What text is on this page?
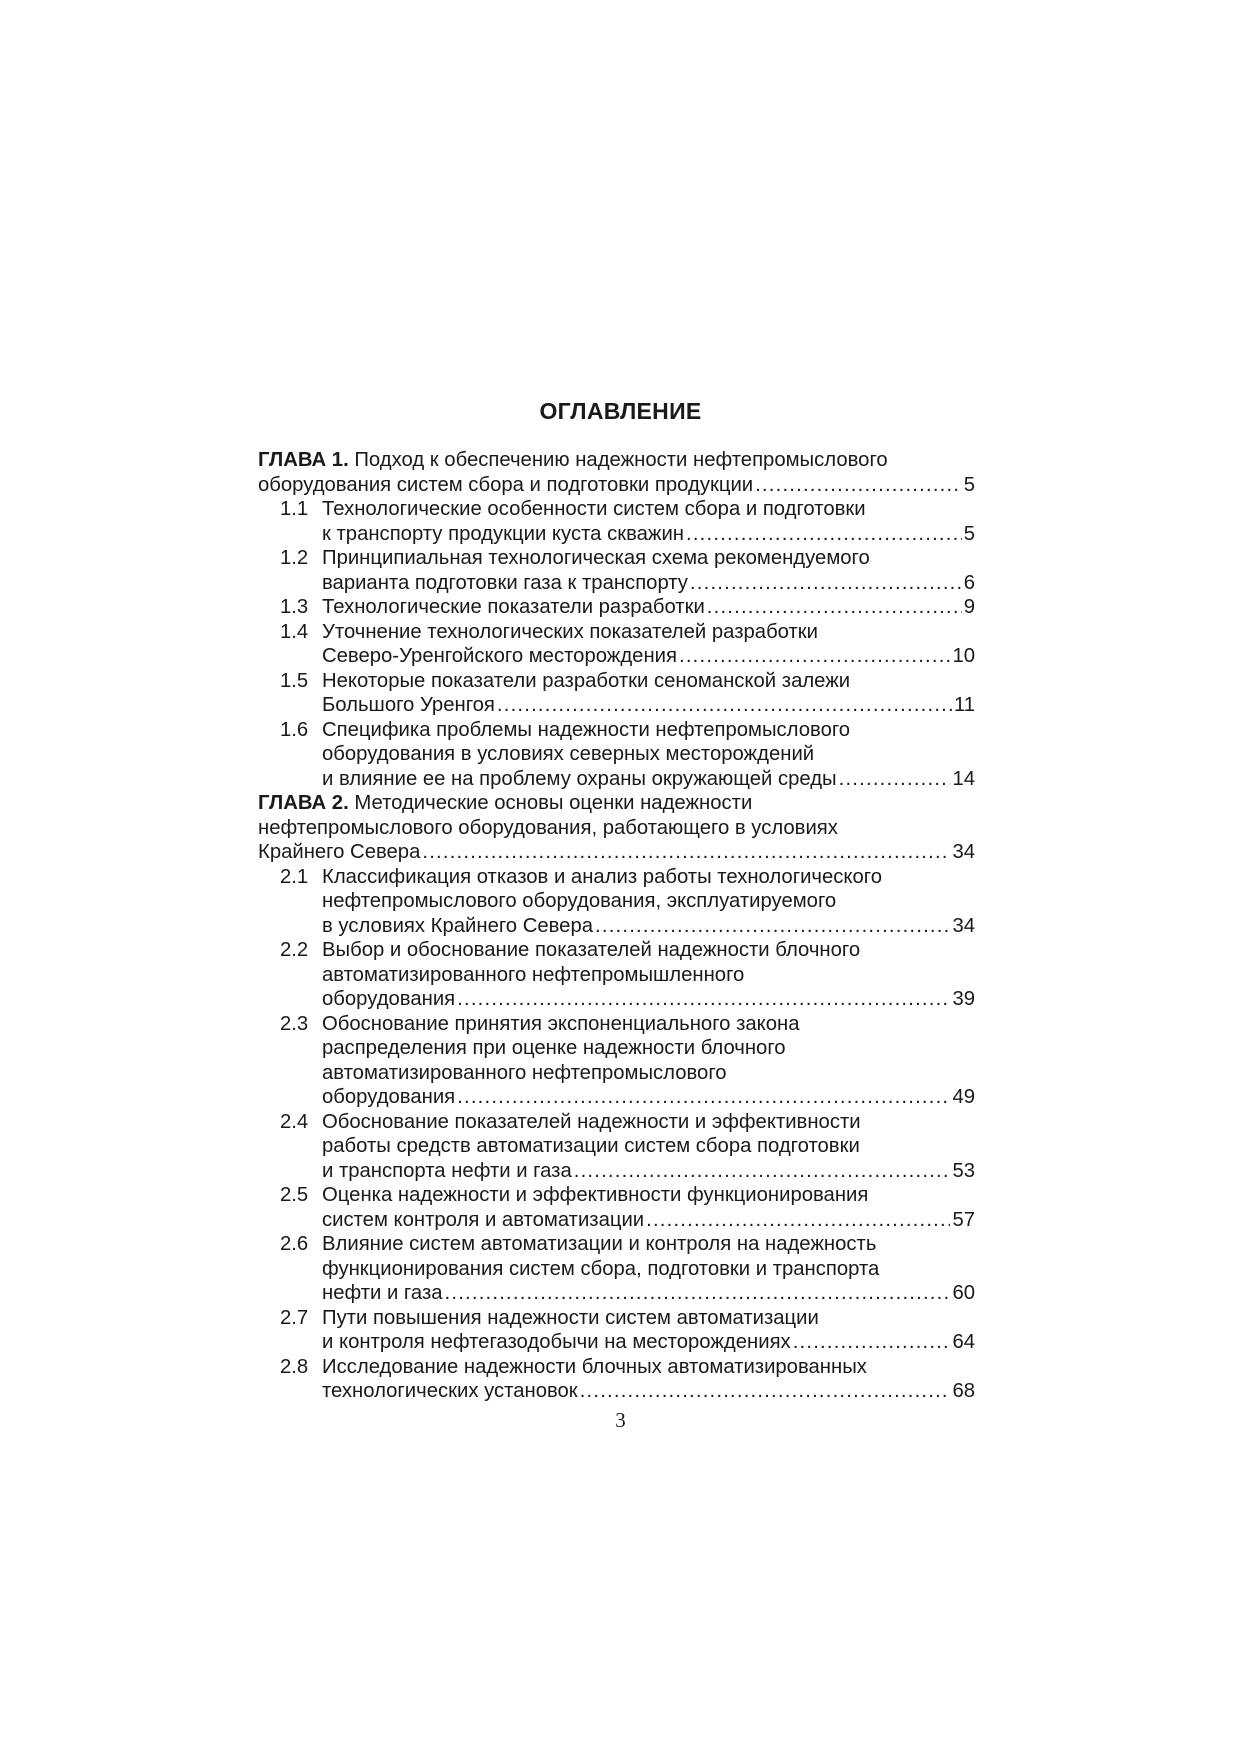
ОГЛАВЛЕНИЕ
ГЛАВА 1. Подход к обеспечению надежности нефтепромыслового
оборудования систем сбора и подготовки продукции .....	5
1.1 Технологические особенности систем сбора и подготовки
к транспорту продукции куста скважин .....	5
1.2 Принципиальная технологическая схема рекомендуемого
варианта подготовки газа к транспорту .....	6
1.3 Технологические показатели разработки .....	9
1.4 Уточнение технологических показателей разработки
Северо-Уренгойского месторождения .....	10
1.5 Некоторые показатели разработки сеноманской залежи
Большого Уренгоя .....	11
1.6 Специфика проблемы надежности нефтепромыслового
оборудования в условиях северных месторождений
и влияние ее на проблему охраны окружающей среды .....	14
ГЛАВА 2. Методические основы оценки надежности
нефтепромыслового оборудования, работающего в условиях
Крайнего Севера .....	34
2.1 Классификация отказов и анализ работы технологического
нефтепромыслового оборудования, эксплуатируемого
в условиях Крайнего Севера .....	34
2.2 Выбор и обоснование показателей надежности блочного
автоматизированного нефтепромышленного
оборудования .....	39
2.3 Обоснование принятия экспоненциального закона
распределения при оценке надежности блочного
автоматизированного нефтепромыслового
оборудования .....	49
2.4 Обоснование показателей надежности и эффективности
работы средств автоматизации систем сбора подготовки
и транспорта нефти и газа .....	53
2.5 Оценка надежности и эффективности функционирования
систем контроля и автоматизации .....	57
2.6 Влияние систем автоматизации и контроля на надежность
функционирования систем сбора, подготовки и транспорта
нефти и газа .....	60
2.7 Пути повышения надежности систем автоматизации
и контроля нефтегазодобычи на месторождениях .....	64
2.8 Исследование надежности блочных автоматизированных
технологических установок .....	68
3
